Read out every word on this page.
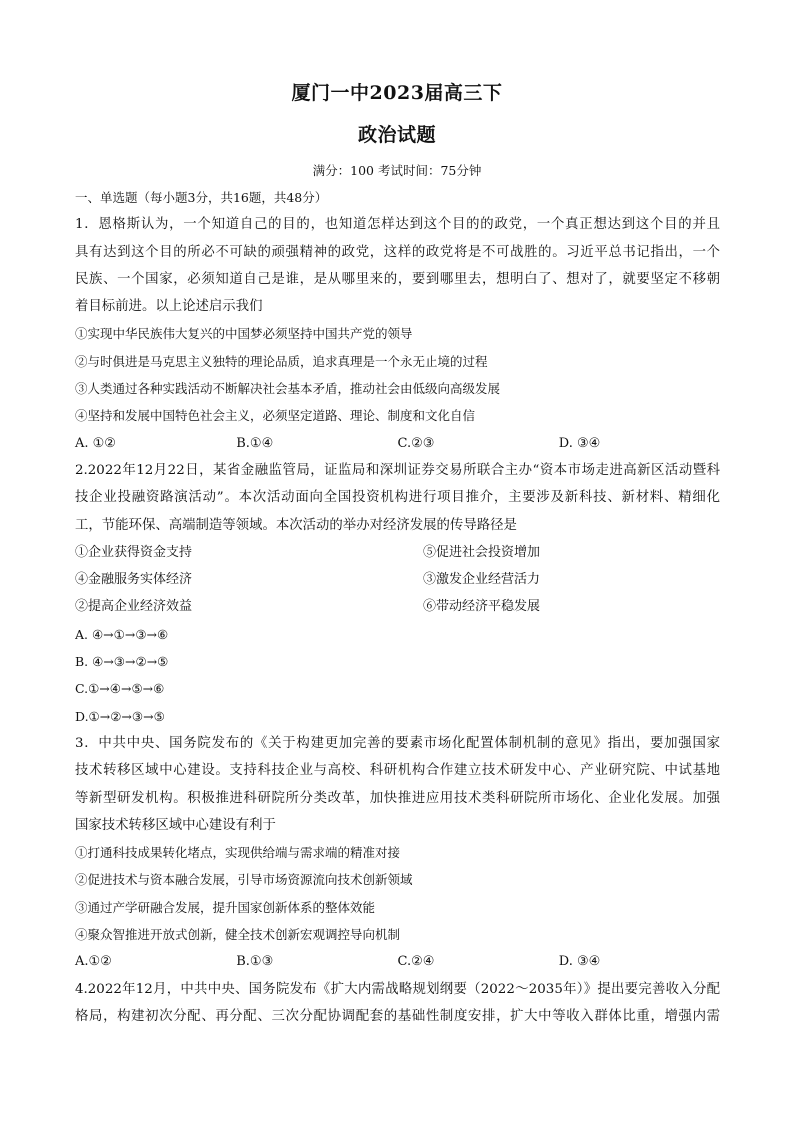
厦门一中2023届高三下
政治试题
满分：100 考试时间：75分钟
一、单选题（每小题3分，共16题，共48分）
1．恩格斯认为，一个知道自己的目的，也知道怎样达到这个目的的政党，一个真正想达到这个目的并且
具有达到这个目的所必不可缺的顽强精神的政党，这样的政党将是不可战胜的。习近平总书记指出，一个
民族、一个国家，必须知道自己是谁，是从哪里来的，要到哪里去，想明白了、想对了，就要坚定不移朝
着目标前进。以上论述启示我们
①实现中华民族伟大复兴的中国梦必须坚持中国共产党的领导
②与时俱进是马克思主义独特的理论品质，追求真理是一个永无止境的过程
③人类通过各种实践活动不断解决社会基本矛盾，推动社会由低级向高级发展
④坚持和发展中国特色社会主义，必须坚定道路、理论、制度和文化自信
A. ①②	B.①④	C.②③	D. ③④
2.2022年12月22日，某省金融监管局，证监局和深圳证券交易所联合主办“资本市场走进高新区活动暨科
技企业投融资路演活动”。本次活动面向全国投资机构进行项目推介，主要涉及新科技、新材料、精细化
工，节能环保、高端制造等领域。本次活动的举办对经济发展的传导路径是
①企业获得资金支持	⑤促进社会投资增加
④金融服务实体经济	③激发企业经营活力
②提高企业经济效益	⑥带动经济平稳发展
A. ④→①→③→⑥
B. ④→③→②→⑤
C.①→④→⑤→⑥
D.①→②→③→⑤
3．中共中央、国务院发布的《关于构建更加完善的要素市场化配置体制机制的意见》指出，要加强国家
技术转移区域中心建设。支持科技企业与高校、科研机构合作建立技术研发中心、产业研究院、中试基地
等新型研发机构。积极推进科研院所分类改革，加快推进应用技术类科研院所市场化、企业化发展。加强
国家技术转移区域中心建设有利于
①打通科技成果转化堵点，实现供给端与需求端的精准对接
②促进技术与资本融合发展，引导市场资源流向技术创新领域
③通过产学研融合发展，提升国家创新体系的整体效能
④聚众智推进开放式创新，健全技术创新宏观调控导向机制
A.①②	B.①③	C.②④	D. ③④
4.2022年12月，中共中央、国务院发布《扩大内需战略规划纲要（2022～2035年）》提出要完善收入分配
格局，构建初次分配、再分配、三次分配协调配套的基础性制度安排，扩大中等收入群体比重，增强内需
